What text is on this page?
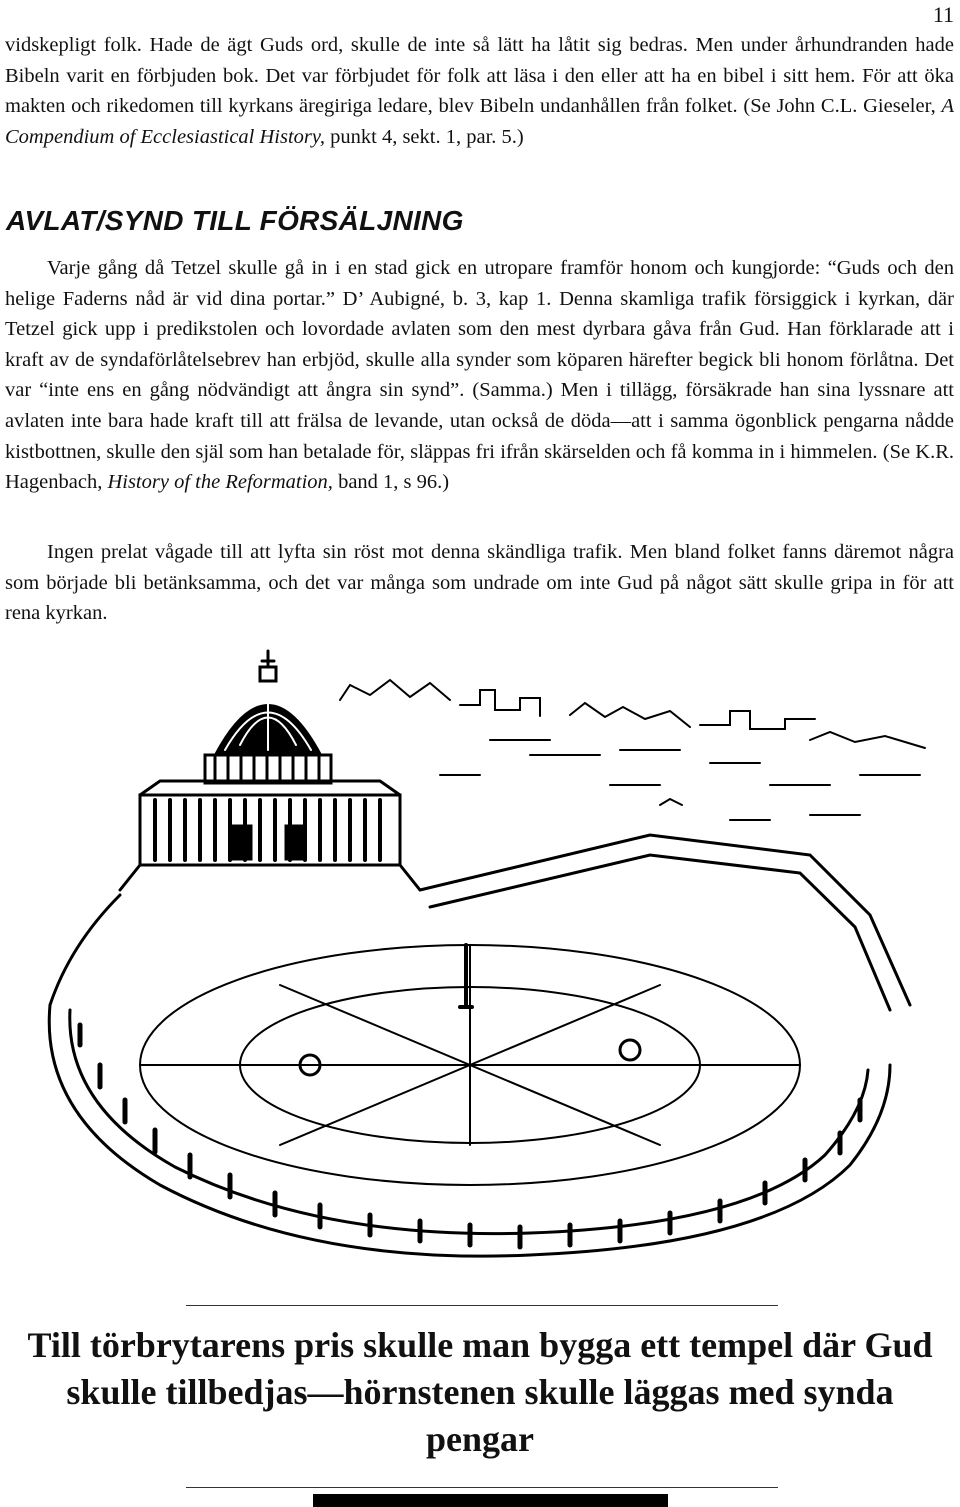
11

vidskepligt folk. Hade de ägt Guds ord, skulle de inte så lätt ha låtit sig bedras. Men under århundranden hade Bibeln varit en förbjuden bok. Det var förbjudet för folk att läsa i den eller att ha en bibel i sitt hem. För att öka makten och rikedomen till kyrkans äregiriga ledare, blev Bibeln undanhållen från folket. (Se John C.L. Gieseler, A Compendium of Ecclesiastical History, punkt 4, sekt. 1, par. 5.)

AVLAT/SYND TILL FÖRSÄLJNING

Varje gång då Tetzel skulle gå in i en stad gick en utropare framför honom och kungjorde: “Guds och den helige Faderns nåd är vid dina portar.” D’ Aubigné, b. 3, kap 1. Denna skamliga trafik försiggick i kyrkan, där Tetzel gick upp i predikstolen och lovordade avlaten som den mest dyrbara gåva från Gud. Han förklarade att i kraft av de syndaförlåtelsebrev han erbjöd, skulle alla synder som köparen härefter begick bli honom förlåtna. Det var “inte ens en gång nödvändigt att ångra sin synd”. (Samma.) Men i tillägg, försäkrade han sina lyssnare att avlaten inte bara hade kraft till att frälsa de levande, utan också de döda—att i samma ögonblick pengarna nådde kistbottnen, skulle den själ som han betalade för, släppas fri ifrån skärselden och få komma in i himmelen. (Se K.R. Hagenbach, History of the Reformation, band 1, s 96.)

Ingen prelat vågade till att lyfta sin röst mot denna skändliga trafik. Men bland folket fanns däremot några som började bli betänksamma, och det var många som undrade om inte Gud på något sätt skulle gripa in för att rena kyrkan.

Till törbrytarens pris skulle man bygga ett tempel där Gud skulle tillbedjas—hörnstenen skulle läggas med synda pengar
